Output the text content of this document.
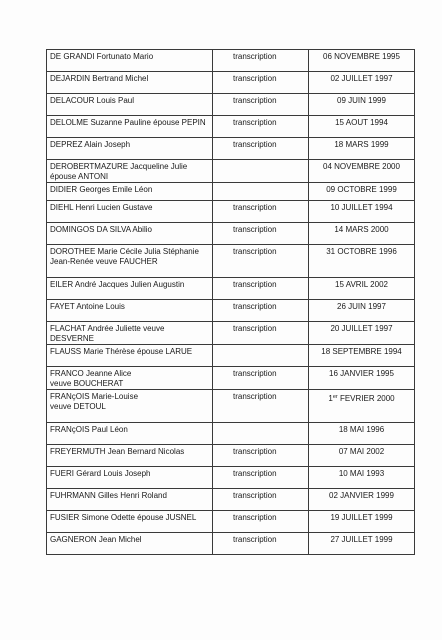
DE GRANDI Fortunato Mario	transcription	06 NOVEMBRE 1995

DEJARDIN Bertrand Michel	transcription	02 JUILLET 1997

DELACOUR Louis Paul	transcription	09 JUIN 1999

DELOLME Suzanne Pauline épouse PEPIN	transcription	15 AOUT 1994

DEPREZ Alain Joseph	transcription	18 MARS 1999

DEROBERTMAZURE Jacqueline Julie
épouse ANTONI		04 NOVEMBRE 2000

DIDIER Georges Emile Léon		09 OCTOBRE 1999

DIEHL Henri Lucien Gustave	transcription	10 JUILLET 1994

DOMINGOS DA SILVA Abilio	transcription	14 MARS 2000

DOROTHEE Marie Cécile Julia Stéphanie
Jean-Renée veuve FAUCHER	transcription	31 OCTOBRE 1996

EILER André Jacques Julien Augustin	transcription	15 AVRIL 2002

FAYET Antoine Louis	transcription	26 JUIN 1997

FLACHAT Andrée Juliette veuve DESVERNE	transcription	20 JUILLET 1997

FLAUSS Marie Thérèse épouse LARUE		18 SEPTEMBRE 1994

FRANCO Jeanne Alice
veuve BOUCHERAT	transcription	16 JANVIER 1995

FRANçOIS Marie-Louise
veuve DETOUL	transcription	1er FEVRIER 2000

FRANçOIS Paul Léon		18 MAI 1996

FREYERMUTH Jean Bernard Nicolas	transcription	07 MAI 2002

FUERI Gérard Louis Joseph	transcription	10 MAI 1993

FUHRMANN Gilles Henri Roland	transcription	02 JANVIER 1999

FUSIER Simone Odette épouse JUSNEL	transcription	19 JUILLET 1999

GAGNERON Jean Michel	transcription	27 JUILLET 1999
